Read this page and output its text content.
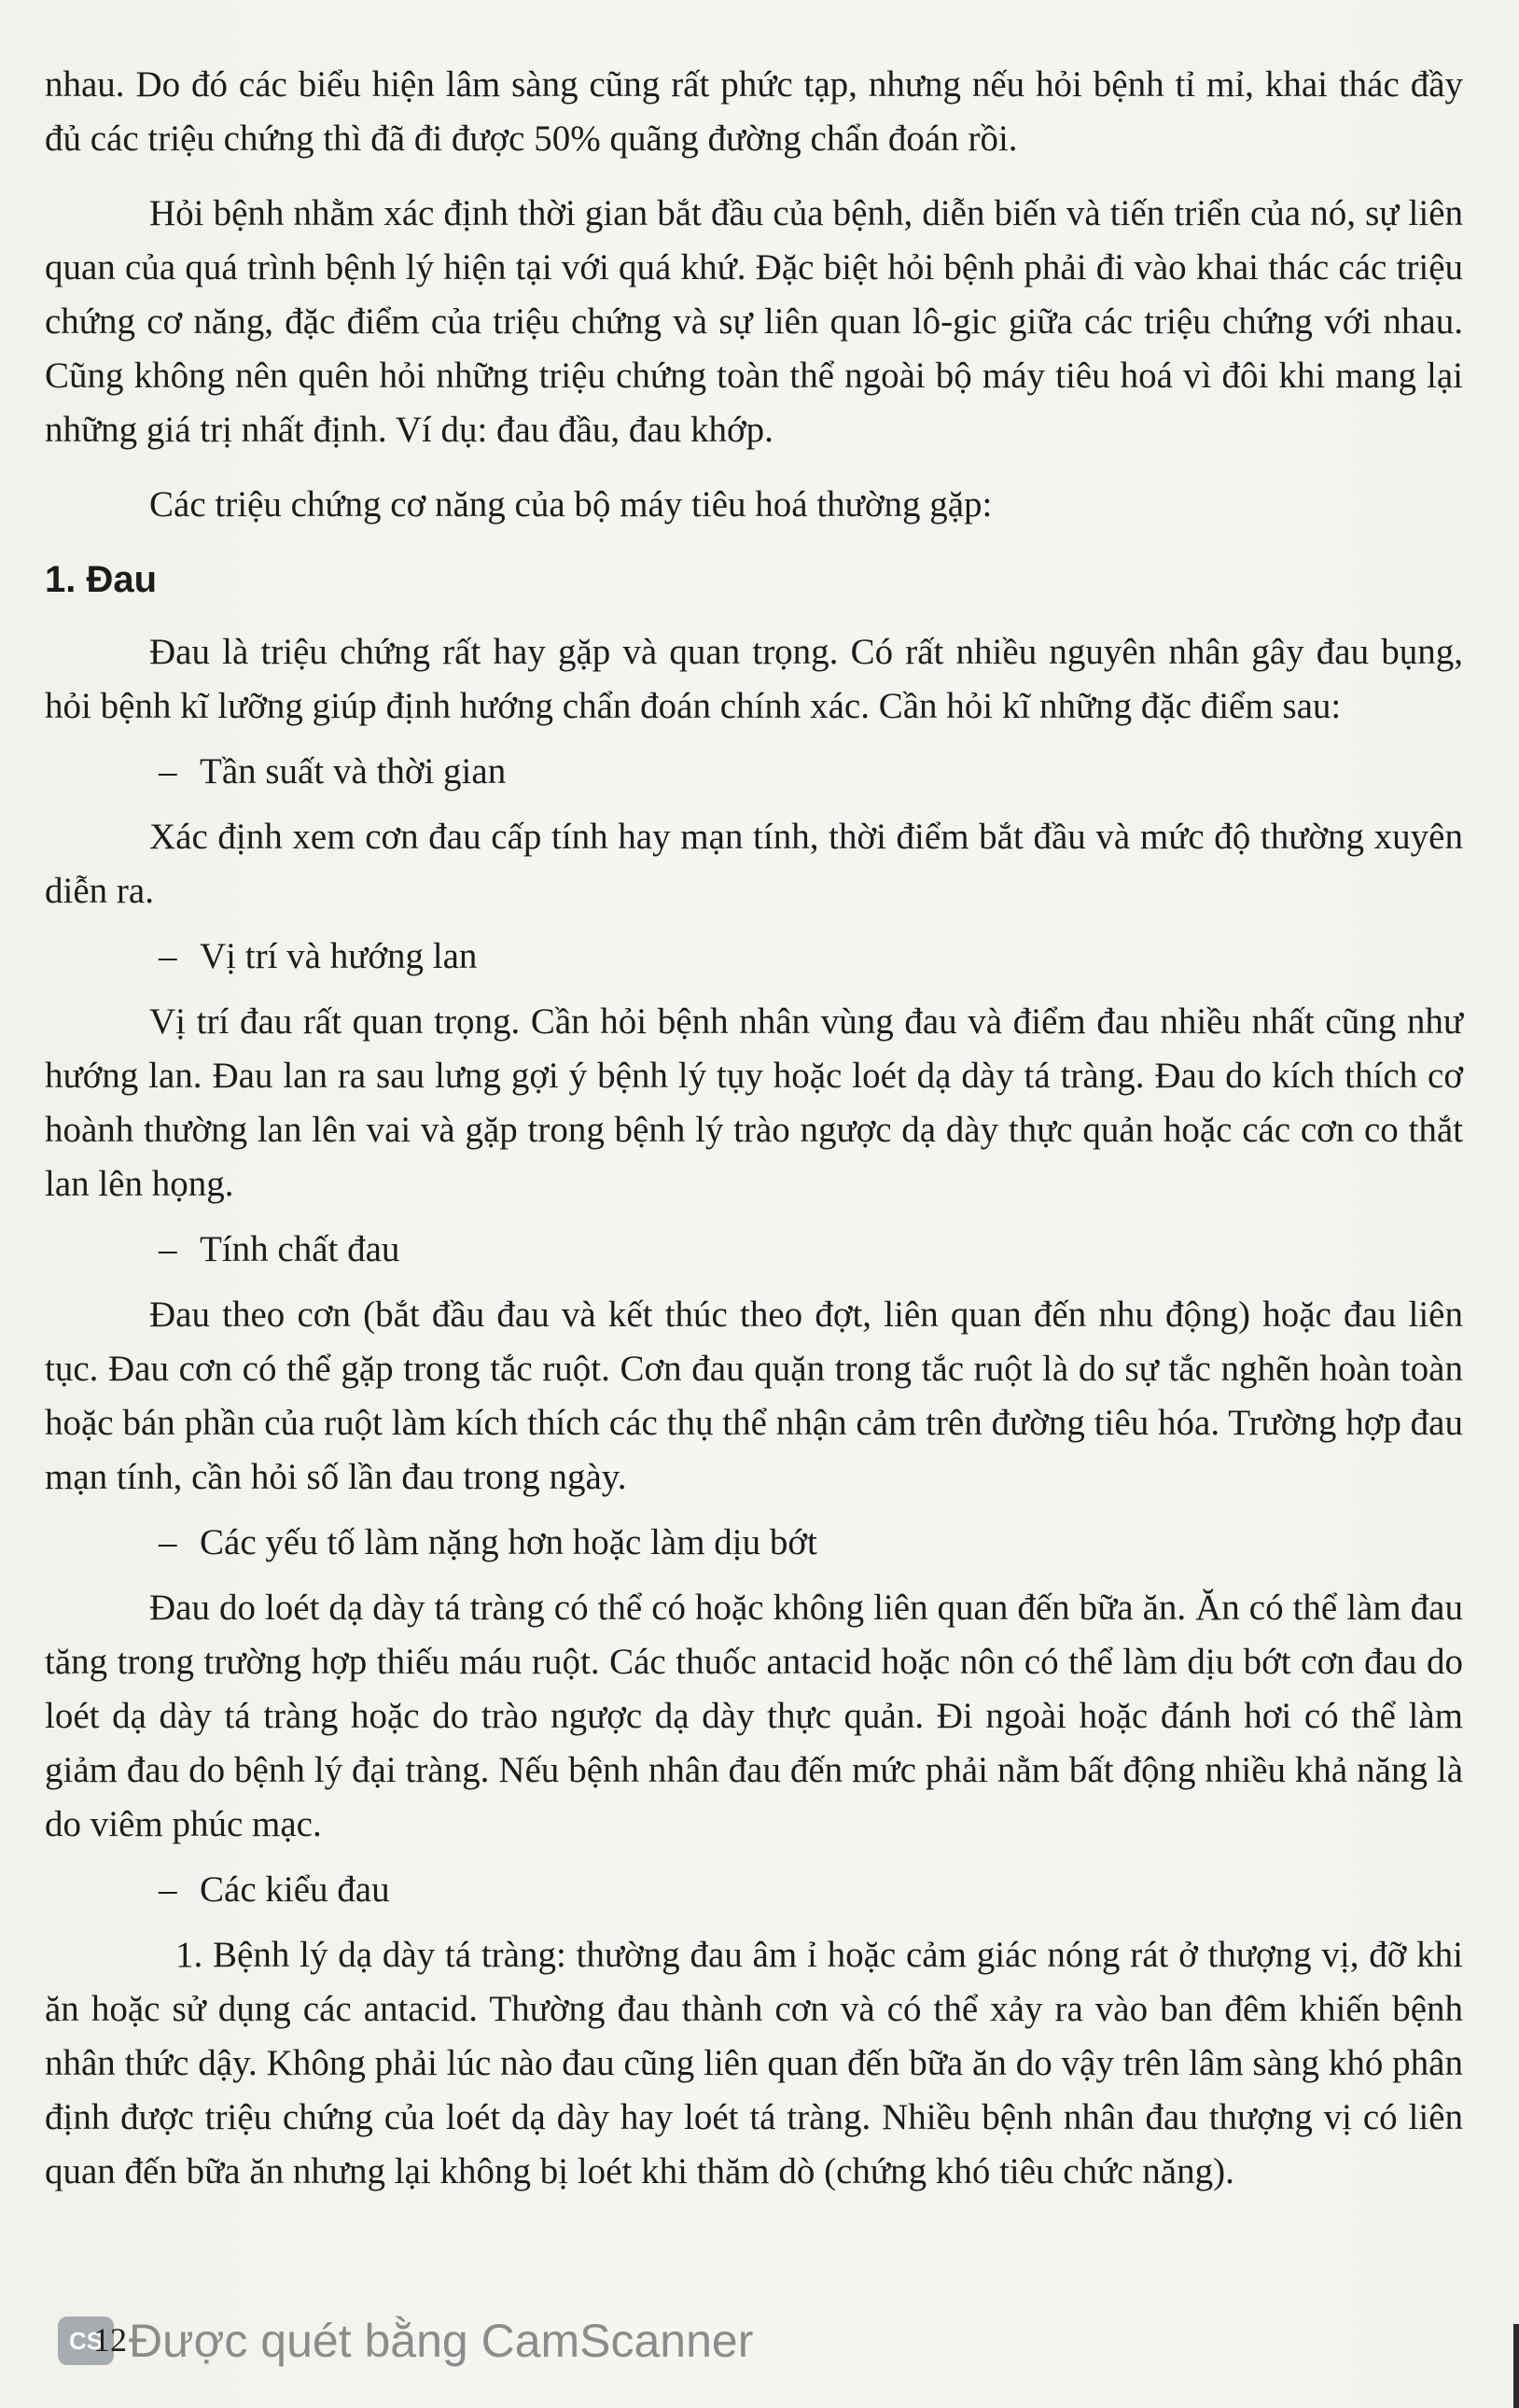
nhau. Do đó các biểu hiện lâm sàng cũng rất phức tạp, nhưng nếu hỏi bệnh tỉ mỉ, khai thác đầy đủ các triệu chứng thì đã đi được 50% quãng đường chẩn đoán rồi.

Hỏi bệnh nhằm xác định thời gian bắt đầu của bệnh, diễn biến và tiến triển của nó, sự liên quan của quá trình bệnh lý hiện tại với quá khứ. Đặc biệt hỏi bệnh phải đi vào khai thác các triệu chứng cơ năng, đặc điểm của triệu chứng và sự liên quan lô-gic giữa các triệu chứng với nhau. Cũng không nên quên hỏi những triệu chứng toàn thể ngoài bộ máy tiêu hoá vì đôi khi mang lại những giá trị nhất định. Ví dụ: đau đầu, đau khớp.

Các triệu chứng cơ năng của bộ máy tiêu hoá thường gặp:

1. Đau

Đau là triệu chứng rất hay gặp và quan trọng. Có rất nhiều nguyên nhân gây đau bụng, hỏi bệnh kĩ lưỡng giúp định hướng chẩn đoán chính xác. Cần hỏi kĩ những đặc điểm sau:

– Tần suất và thời gian

Xác định xem cơn đau cấp tính hay mạn tính, thời điểm bắt đầu và mức độ thường xuyên diễn ra.

– Vị trí và hướng lan

Vị trí đau rất quan trọng. Cần hỏi bệnh nhân vùng đau và điểm đau nhiều nhất cũng như hướng lan. Đau lan ra sau lưng gợi ý bệnh lý tụy hoặc loét dạ dày tá tràng. Đau do kích thích cơ hoành thường lan lên vai và gặp trong bệnh lý trào ngược dạ dày thực quản hoặc các cơn co thắt lan lên họng.

– Tính chất đau

Đau theo cơn (bắt đầu đau và kết thúc theo đợt, liên quan đến nhu động) hoặc đau liên tục. Đau cơn có thể gặp trong tắc ruột. Cơn đau quặn trong tắc ruột là do sự tắc nghẽn hoàn toàn hoặc bán phần của ruột làm kích thích các thụ thể nhận cảm trên đường tiêu hóa. Trường hợp đau mạn tính, cần hỏi số lần đau trong ngày.

– Các yếu tố làm nặng hơn hoặc làm dịu bớt

Đau do loét dạ dày tá tràng có thể có hoặc không liên quan đến bữa ăn. Ăn có thể làm đau tăng trong trường hợp thiếu máu ruột. Các thuốc antacid hoặc nôn có thể làm dịu bớt cơn đau do loét dạ dày tá tràng hoặc do trào ngược dạ dày thực quản. Đi ngoài hoặc đánh hơi có thể làm giảm đau do bệnh lý đại tràng. Nếu bệnh nhân đau đến mức phải nằm bất động nhiều khả năng là do viêm phúc mạc.

– Các kiểu đau

1. Bệnh lý dạ dày tá tràng: thường đau âm ỉ hoặc cảm giác nóng rát ở thượng vị, đỡ khi ăn hoặc sử dụng các antacid. Thường đau thành cơn và có thể xảy ra vào ban đêm khiến bệnh nhân thức dậy. Không phải lúc nào đau cũng liên quan đến bữa ăn do vậy trên lâm sàng khó phân định được triệu chứng của loét dạ dày hay loét tá tràng. Nhiều bệnh nhân đau thượng vị có liên quan đến bữa ăn nhưng lại không bị loét khi thăm dò (chứng khó tiêu chức năng).

CS
12 Được quét bằng CamScanner
